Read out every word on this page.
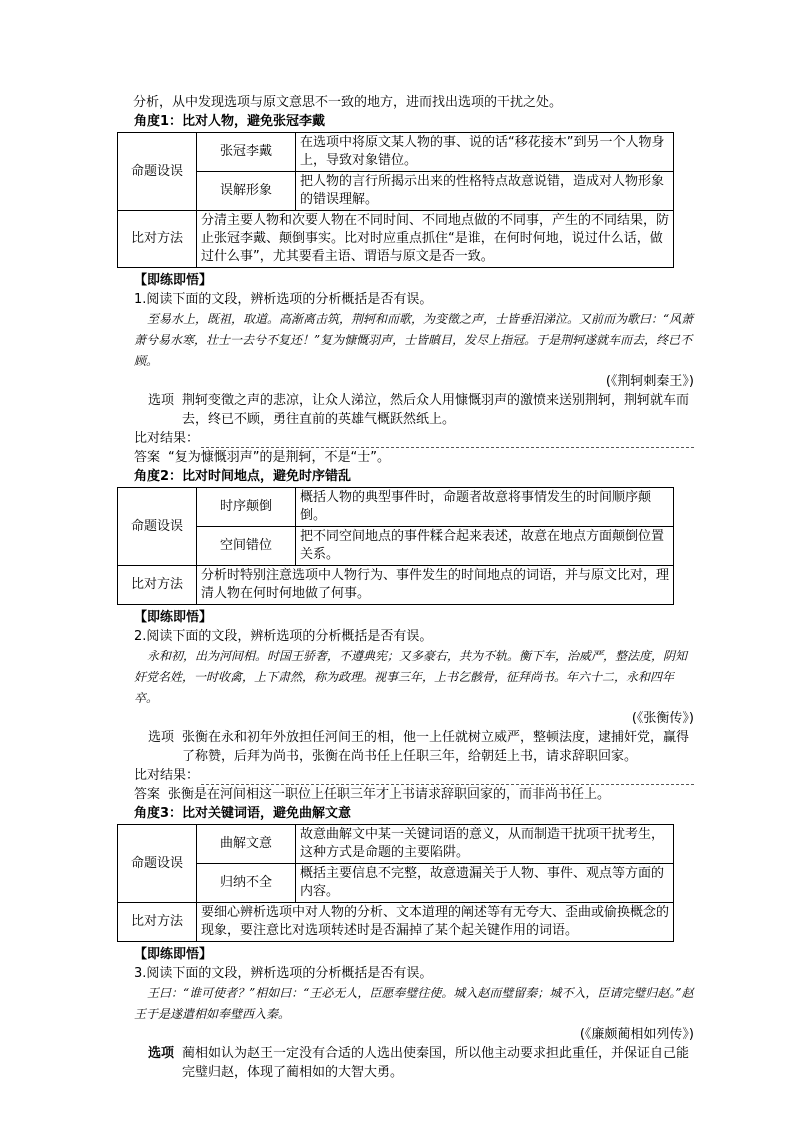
分析，从中发现选项与原文意思不一致的地方，进而找出选项的干扰之处。

角度1：比对人物，避免张冠李戴

命题设误	张冠李戴	在选项中将原文某人物的事、说的话“移花接木”到另一个人物身上，导致对象错位。
	误解形象	把人物的言行所揭示出来的性格特点故意说错，造成对人物形象的错误理解。
比对方法	分清主要人物和次要人物在不同时间、不同地点做的不同事，产生的不同结果，防止张冠李戴、颠倒事实。比对时应重点抓住“是谁，在何时何地，说过什么话，做过什么事”，尤其要看主语、谓语与原文是否一致。	

【即练即悟】

1.阅读下面的文段，辨析选项的分析概括是否有误。

至易水上，既祖，取道。高渐离击筑，荆轲和而歌，为变徵之声，士皆垂泪涕泣。又前而为歌曰：“风萧萧兮易水寒，壮士一去兮不复还！”复为慷慨羽声，士皆瞋目，发尽上指冠。于是荆轲遂就车而去，终已不顾。

(《荆轲刺秦王》)

选项 荆轲变徵之声的悲凉，让众人涕泣，然后众人用慷慨羽声的激愤来送别荆轲，荆轲就车而去，终已不顾，勇往直前的英雄气概跃然纸上。
比对结果：
答案 “复为慷慨羽声”的是荆轲，不是“士”。

角度2：比对时间地点，避免时序错乱

命题设误	时序颠倒	概括人物的典型事件时，命题者故意将事情发生的时间顺序颠倒。
	空间错位	把不同空间地点的事件糅合起来表述，故意在地点方面颠倒位置关系。
比对方法	分析时特别注意选项中人物行为、事件发生的时间地点的词语，并与原文比对，理清人物在何时何地做了何事。	

【即练即悟】

2.阅读下面的文段，辨析选项的分析概括是否有误。

永和初，出为河间相。时国王骄奢，不遵典宪；又多豪右，共为不轨。衡下车，治威严，整法度，阴知奸党名姓，一时收禽，上下肃然，称为政理。视事三年，上书乞骸骨，征拜尚书。年六十二，永和四年卒。

(《张衡传》)

选项 张衡在永和初年外放担任河间王的相，他一上任就树立威严，整顿法度，逮捕奸党，赢得了称赞，后拜为尚书，张衡在尚书任上任职三年，给朝廷上书，请求辞职回家。
比对结果：
答案 张衡是在河间相这一职位上任职三年才上书请求辞职回家的，而非尚书任上。

角度3：比对关键词语，避免曲解文意

命题设误	曲解文意	故意曲解文中某一关键词语的意义，从而制造干扰项干扰考生，这种方式是命题的主要陷阱。
	归纳不全	概括主要信息不完整，故意遗漏关于人物、事件、观点等方面的内容。
比对方法	要细心辨析选项中对人物的分析、文本道理的阐述等有无夸大、歪曲或偷换概念的现象，要注意比对选项转述时是否漏掉了某个起关键作用的词语。	

【即练即悟】

3.阅读下面的文段，辨析选项的分析概括是否有误。

王曰：“谁可使者？”相如曰：“王必无人，臣愿奉璧往使。城入赵而璧留秦；城不入，臣请完璧归赵。”赵王于是遂遣相如奉璧西入秦。

(《廉颇蔺相如列传》)

选项 蔺相如认为赵王一定没有合适的人选出使秦国，所以他主动要求担此重任，并保证自己能完璧归赵，体现了蔺相如的大智大勇。
